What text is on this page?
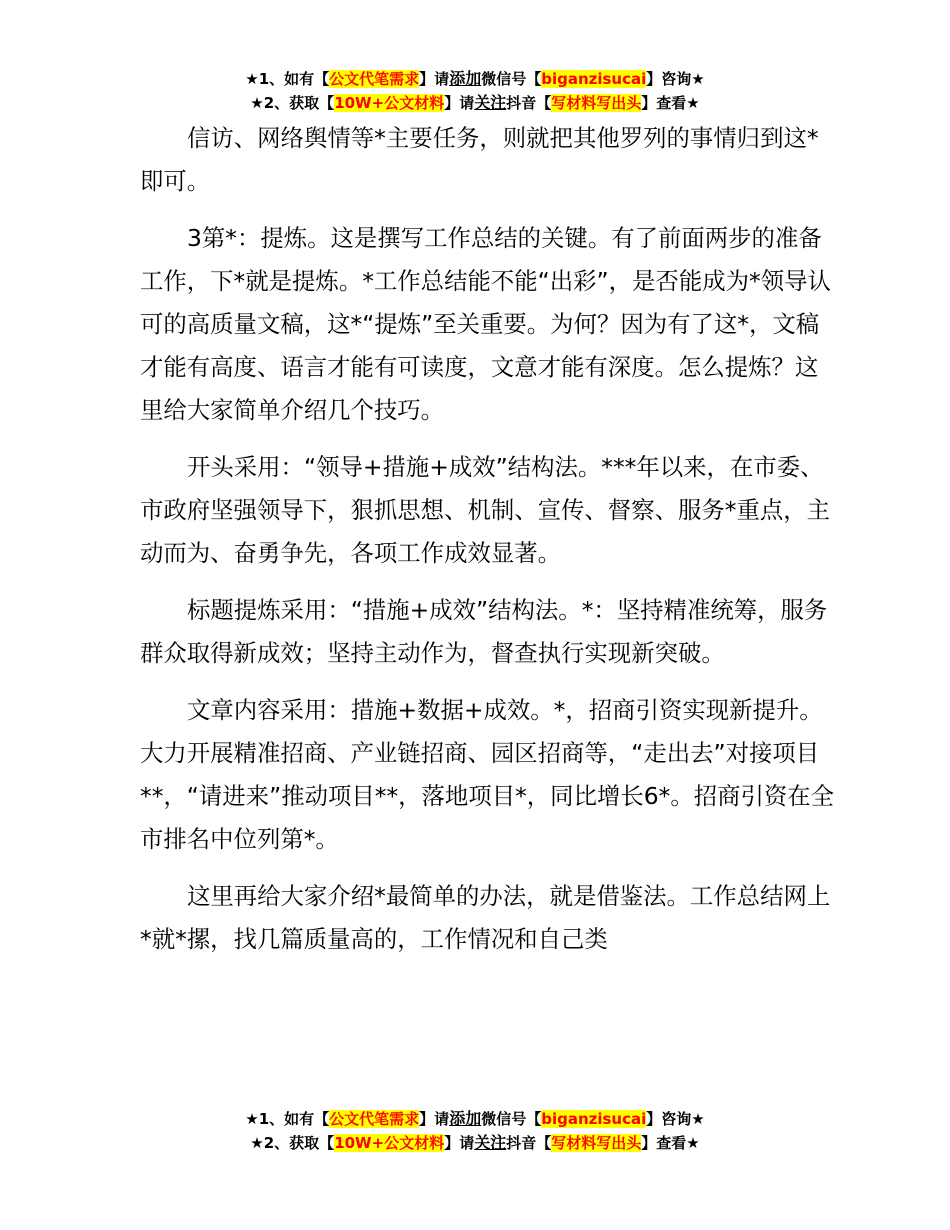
★1、如有【公文代笔需求】请添加微信号【biganzisucai】咨询★
★2、获取【10W+公文材料】请关注抖音【写材料写出头】查看★

信访、网络舆情等*主要任务，则就把其他罗列的事情归到这*即可。

3第*：提炼。这是撰写工作总结的关键。有了前面两步的准备工作，下*就是提炼。*工作总结能不能“出彩”，是否能成为*领导认可的高质量文稿，这*“提炼”至关重要。为何？因为有了这*，文稿才能有高度、语言才能有可读度，文意才能有深度。怎么提炼？这里给大家简单介绍几个技巧。

开头采用：“领导+措施+成效”结构法。***年以来，在市委、市政府坚强领导下，狠抓思想、机制、宣传、督察、服务*重点，主动而为、奋勇争先，各项工作成效显著。

标题提炼采用：“措施+成效”结构法。*：坚持精准统筹，服务群众取得新成效；坚持主动作为，督查执行实现新突破。

文章内容采用：措施+数据+成效。*，招商引资实现新提升。大力开展精准招商、产业链招商、园区招商等，“走出去”对接项目**，“请进来”推动项目**，落地项目*，同比增长6*。招商引资在全市排名中位列第*。

这里再给大家介绍*最简单的办法，就是借鉴法。工作总结网上*就*摞，找几篇质量高的，工作情况和自己类

★1、如有【公文代笔需求】请添加微信号【biganzisucai】咨询★
★2、获取【10W+公文材料】请关注抖音【写材料写出头】查看★
